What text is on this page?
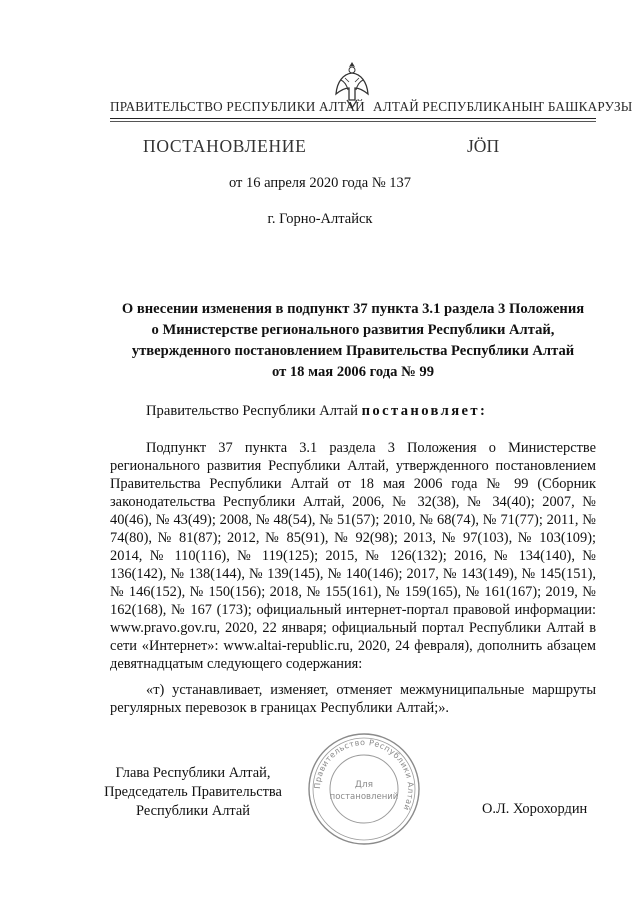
ПРАВИТЕЛЬСТВО РЕСПУБЛИКИ АЛТАЙ АЛТАЙ РЕСПУБЛИКАНЫҤ БАШКАРУЗЫ
ПОСТАНОВЛЕНИЕ	JӦП
от 16 апреля 2020 года № 137
г. Горно-Алтайск
О внесении изменения в подпункт 37 пункта 3.1 раздела 3 Положения
о Министерстве регионального развития Республики Алтай,
утвержденного постановлением Правительства Республики Алтай
от 18 мая 2006 года № 99
Правительство Республики Алтай постановляет:

Подпункт 37 пункта 3.1 раздела 3 Положения о Министерстве регионального развития Республики Алтай, утвержденного постановлением Правительства Республики Алтай от 18 мая 2006 года № 99 (Сборник законодательства Республики Алтай, 2006, № 32(38), № 34(40); 2007, № 40(46), № 43(49); 2008, № 48(54), № 51(57); 2010, № 68(74), № 71(77); 2011, № 74(80), № 81(87); 2012, № 85(91), № 92(98); 2013, № 97(103), № 103(109); 2014, № 110(116), № 119(125); 2015, № 126(132); 2016, № 134(140), № 136(142), № 138(144), № 139(145), № 140(146); 2017, № 143(149), № 145(151), № 146(152), № 150(156); 2018, № 155(161), № 159(165), № 161(167); 2019, № 162(168), № 167 (173); официальный интернет-портал правовой информации: www.pravo.gov.ru, 2020, 22 января; официальный портал Республики Алтай в сети «Интернет»: www.altai-republic.ru, 2020, 24 февраля), дополнить абзацем девятнадцатым следующего содержания:

«т) устанавливает, изменяет, отменяет межмуниципальные маршруты регулярных перевозок в границах Республики Алтай;».

Глава Республики Алтай,
Председатель Правительства
Республики Алтай	О.Л. Хорохордин
Правительство Республики Алтай
Для
постановлений
